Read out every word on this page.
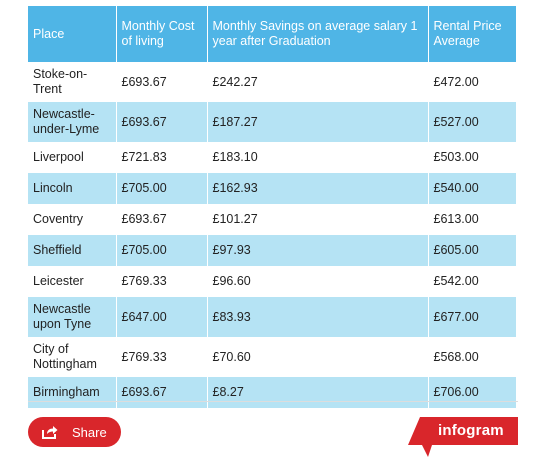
Place	Monthly Cost of living	Monthly Savings on average salary 1 year after Graduation	Rental Price Average
Stoke-on-Trent	£693.67	£242.27	£472.00
Newcastle-under-Lyme	£693.67	£187.27	£527.00
Liverpool	£721.83	£183.10	£503.00
Lincoln	£705.00	£162.93	£540.00
Coventry	£693.67	£101.27	£613.00
Sheffield	£705.00	£97.93	£605.00
Leicester	£769.33	£96.60	£542.00
Newcastle upon Tyne	£647.00	£83.93	£677.00
City of Nottingham	£769.33	£70.60	£568.00
Birmingham	£693.67	£8.27	£706.00
Share	infogram
